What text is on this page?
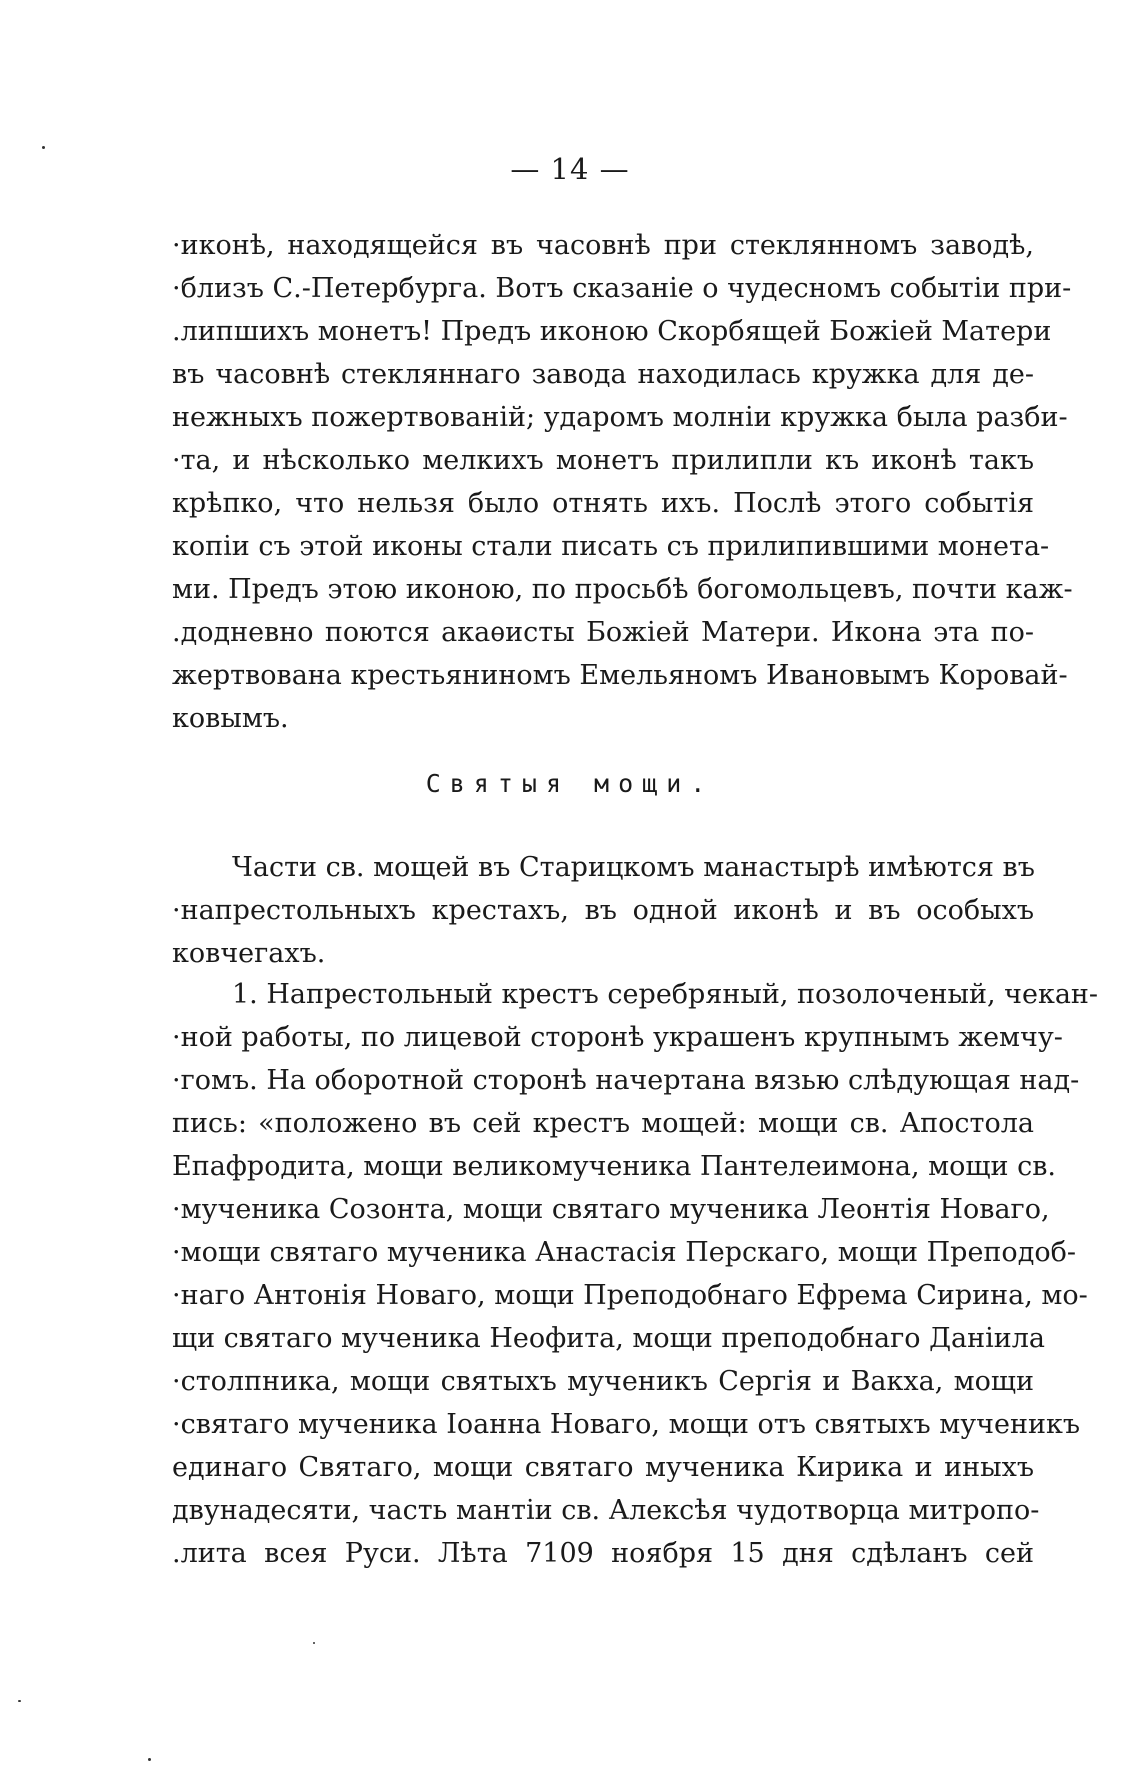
— 14 —
·иконѣ, находящейся въ часовнѣ при стеклянномъ заводѣ,
·близъ С.-Петербурга. Вотъ сказаніе о чудесномъ событіи при-
.липшихъ монетъ! Предъ иконою Скорбящей Божіей Матери
въ часовнѣ стекляннаго завода находилась кружка для де-
нежныхъ пожертвованій; ударомъ молніи кружка была разби-
·та, и нѣсколько мелкихъ монетъ прилипли къ иконѣ такъ
крѣпко, что нельзя было отнять ихъ. Послѣ этого событія
копіи съ этой иконы стали писать съ прилипившими монета-
ми. Предъ этою иконою, по просьбѣ богомольцевъ, почти каж-
.додневно поются акаѳисты Божіей Матери. Икона эта по-
жертвована крестьяниномъ Емельяномъ Ивановымъ Коровай-
ковымъ.
Святыя мощи.
Части св. мощей въ Старицкомъ манастырѣ имѣются въ
·напрестольныхъ крестахъ, въ одной иконѣ и въ особыхъ
ковчегахъ.
1. Напрестольный крестъ серебряный, позолоченый, чекан-
·ной работы, по лицевой сторонѣ украшенъ крупнымъ жемчу-
·гомъ. На оборотной сторонѣ начертана вязью слѣдующая над-
пись: «положено въ сей крестъ мощей: мощи св. Апостола
Епафродита, мощи великомученика Пантелеимона, мощи св.
·мученика Созонта, мощи святаго мученика Леонтія Новаго,
·мощи святаго мученика Анастасія Перскаго, мощи Преподоб-
·наго Антонія Новаго, мощи Преподобнаго Ефрема Сирина, мо-
щи святаго мученика Неофита, мощи преподобнаго Даніила
·столпника, мощи святыхъ мученикъ Сергія и Вакха, мощи
·святаго мученика Іоанна Новаго, мощи отъ святыхъ мученикъ
единаго Святаго, мощи святаго мученика Кирика и иныхъ
двунадесяти, часть мантіи св. Алексѣя чудотворца митропо-
.лита всея Руси. Лѣта 7109 ноября 15 дня сдѣланъ сей
